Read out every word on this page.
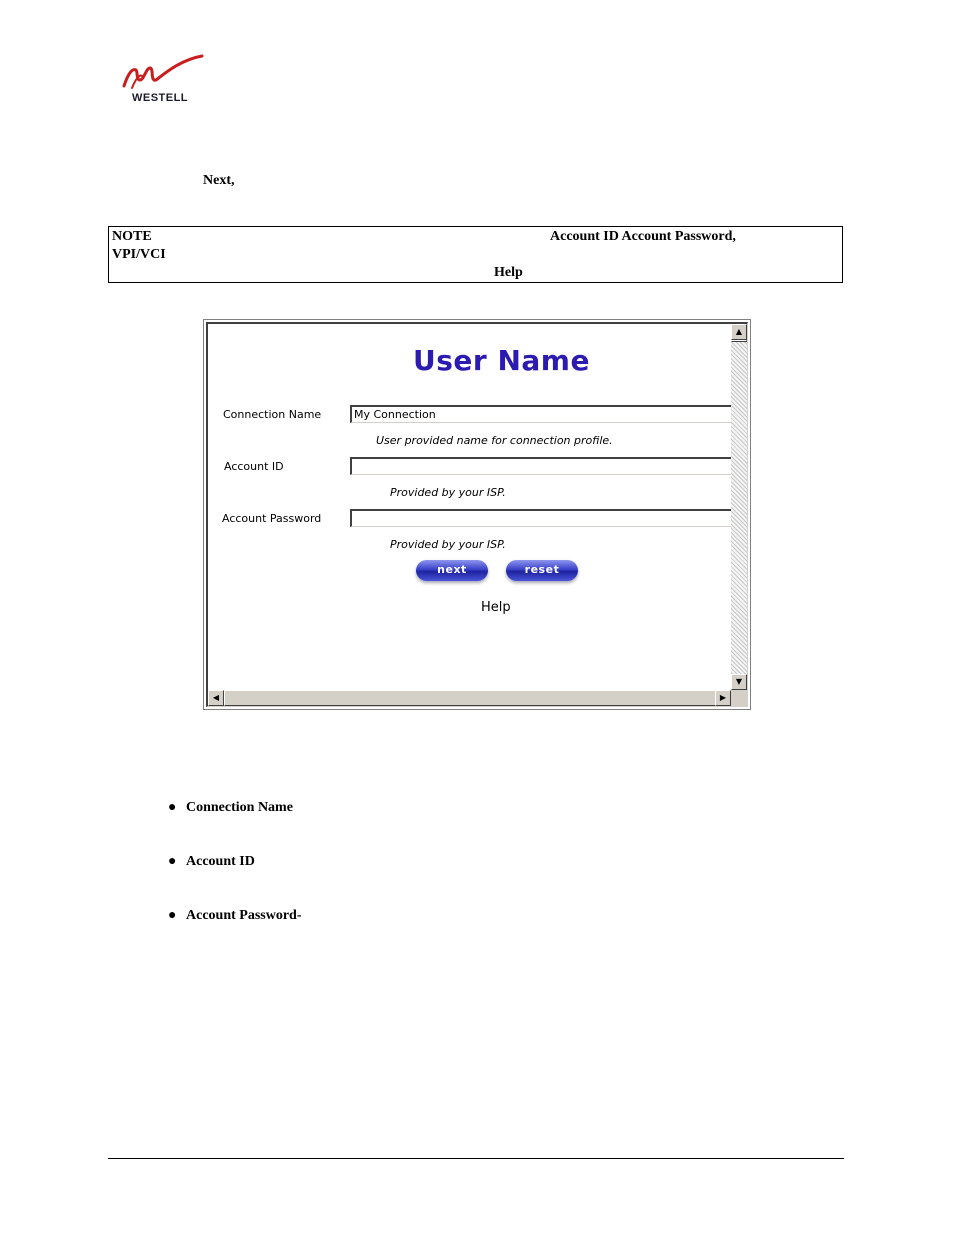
WESTELL
Next,
NOTE	Account ID Account Password,
VPI/VCI
Help
User Name
Connection Name	My Connection
User provided name for connection profile.
Account ID
Provided by your ISP.
Account Password
Provided by your ISP.
next	reset
Help
▲
▼
◀	▶
● Connection Name
● Account ID
● Account Password-
